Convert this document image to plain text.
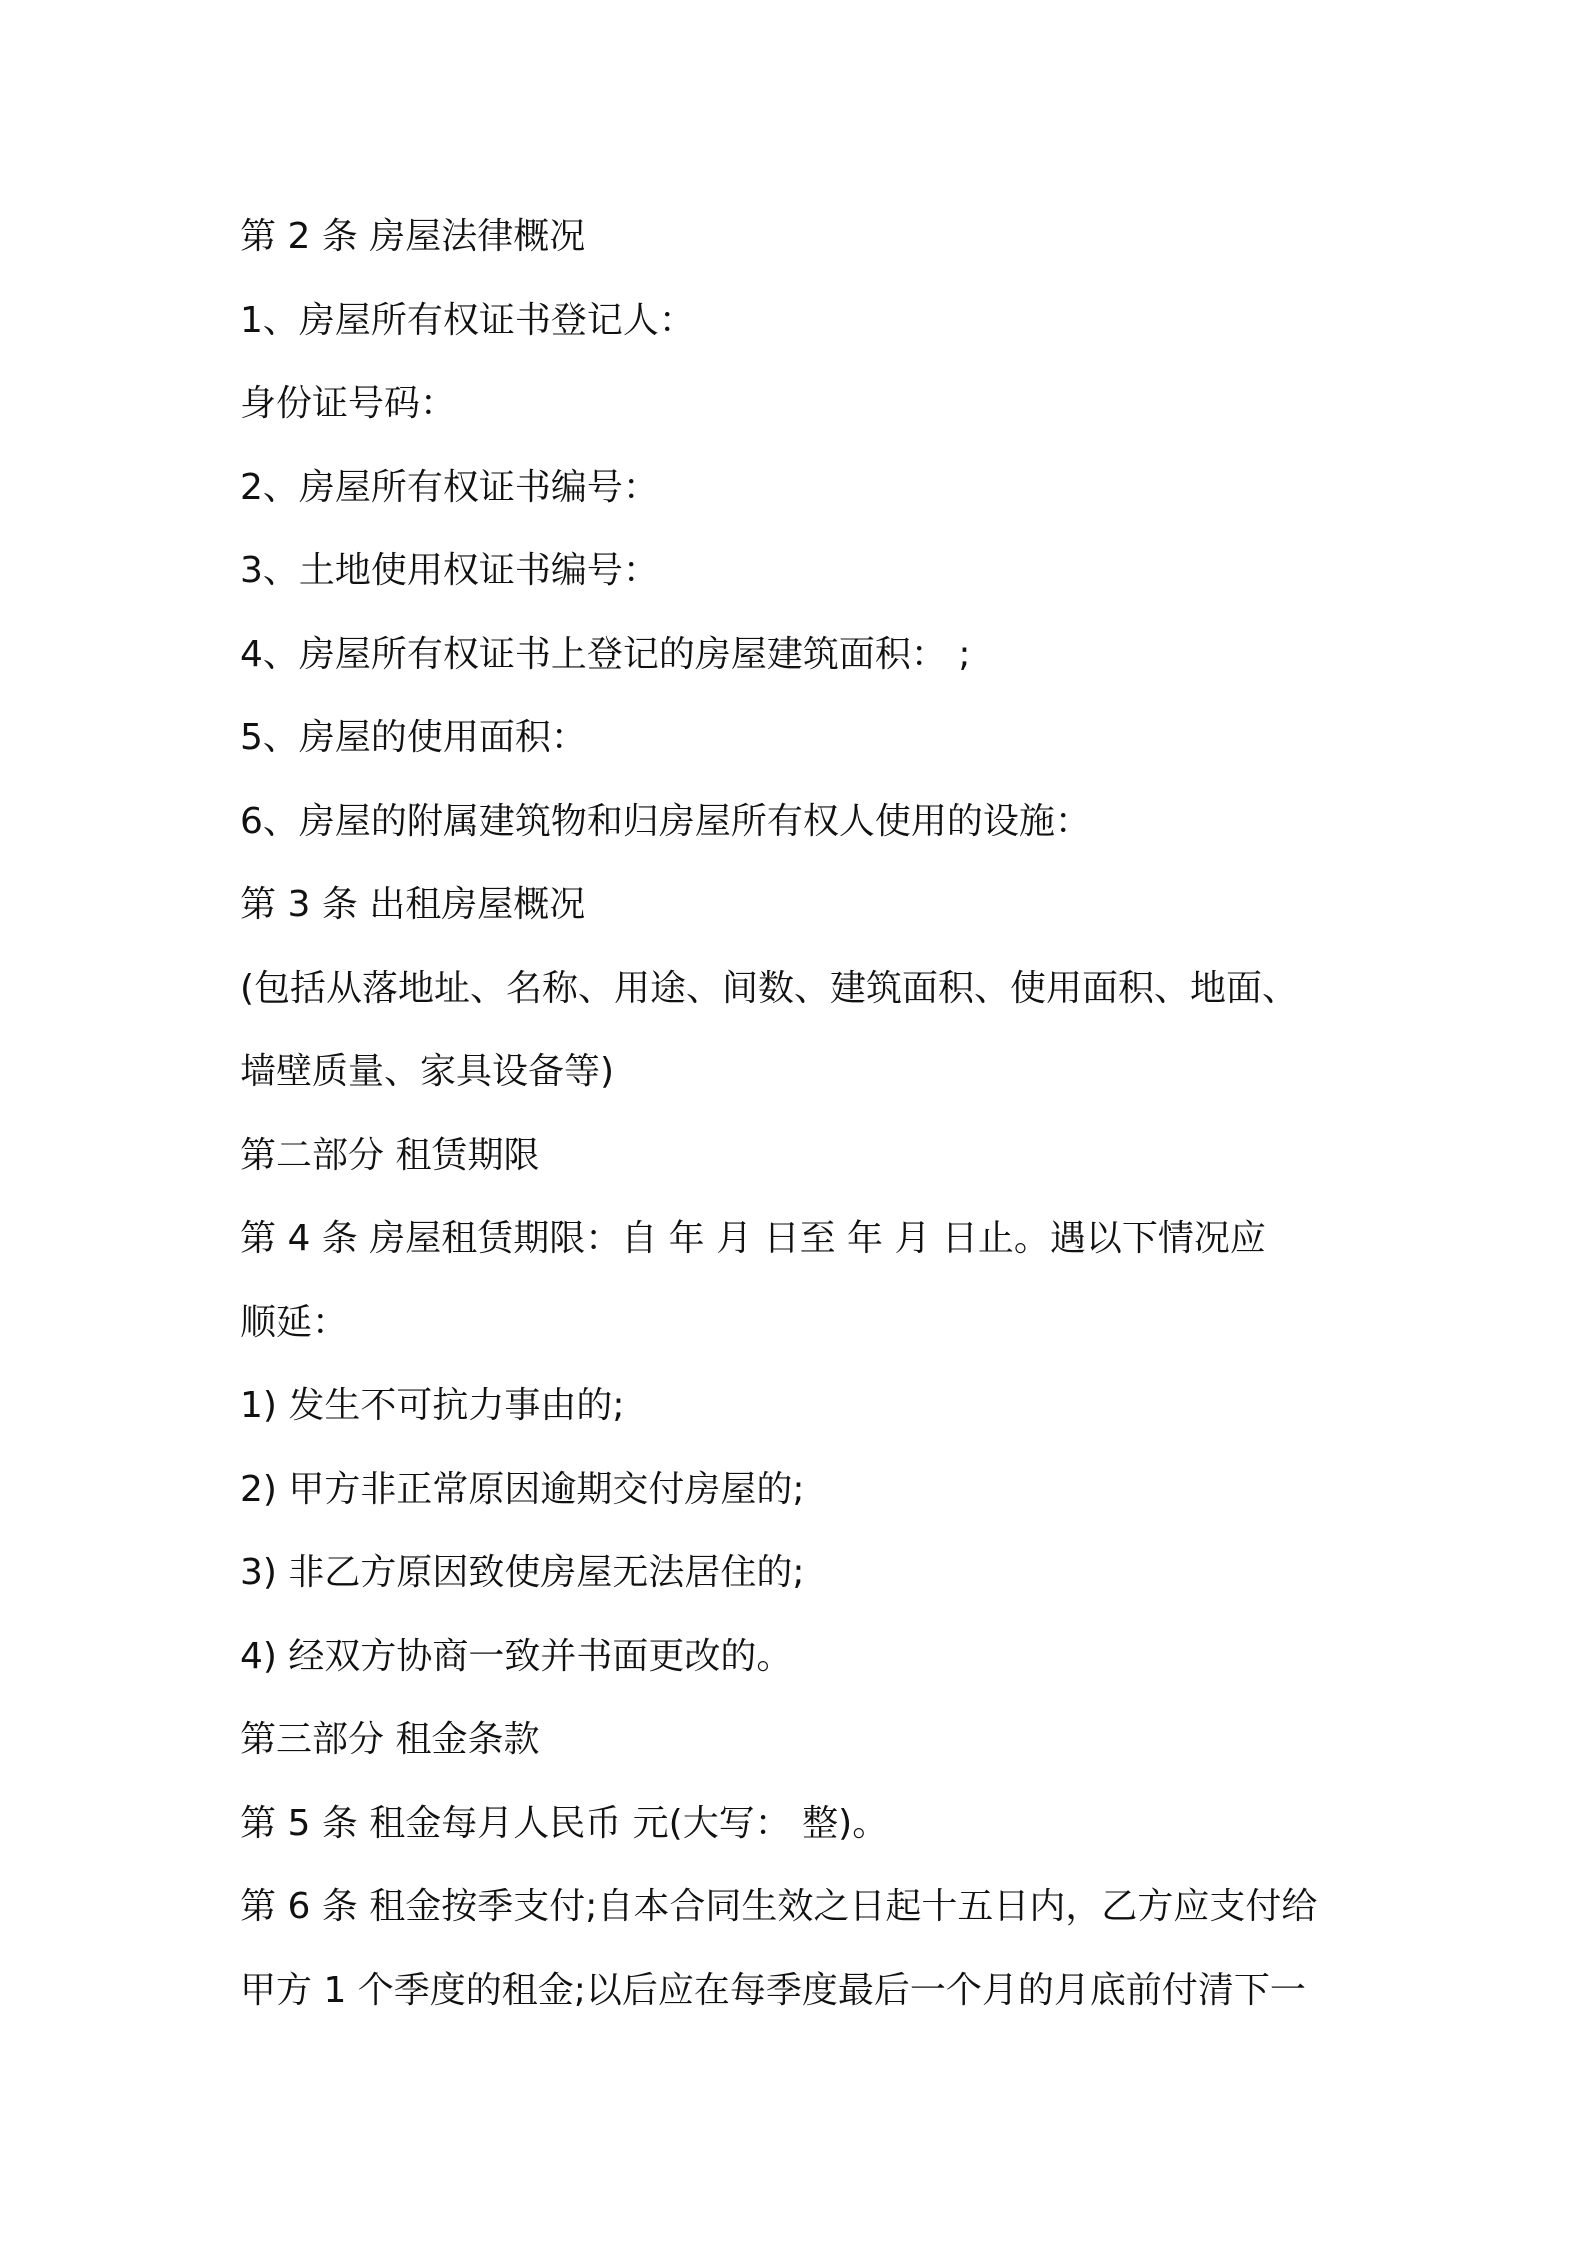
第 2 条 房屋法律概况
1、房屋所有权证书登记人：
身份证号码：
2、房屋所有权证书编号：
3、土地使用权证书编号：
4、房屋所有权证书上登记的房屋建筑面积： ;
5、房屋的使用面积：
6、房屋的附属建筑物和归房屋所有权人使用的设施：
第 3 条 出租房屋概况
(包括从落地址、名称、用途、间数、建筑面积、使用面积、地面、
墙壁质量、家具设备等)
第二部分 租赁期限
第 4 条 房屋租赁期限：自 年 月 日至 年 月 日止。遇以下情况应
顺延：
1) 发生不可抗力事由的;
2) 甲方非正常原因逾期交付房屋的;
3) 非乙方原因致使房屋无法居住的;
4) 经双方协商一致并书面更改的。
第三部分 租金条款
第 5 条 租金每月人民币 元(大写： 整)。
第 6 条 租金按季支付;自本合同生效之日起十五日内，乙方应支付给
甲方 1 个季度的租金;以后应在每季度最后一个月的月底前付清下一
